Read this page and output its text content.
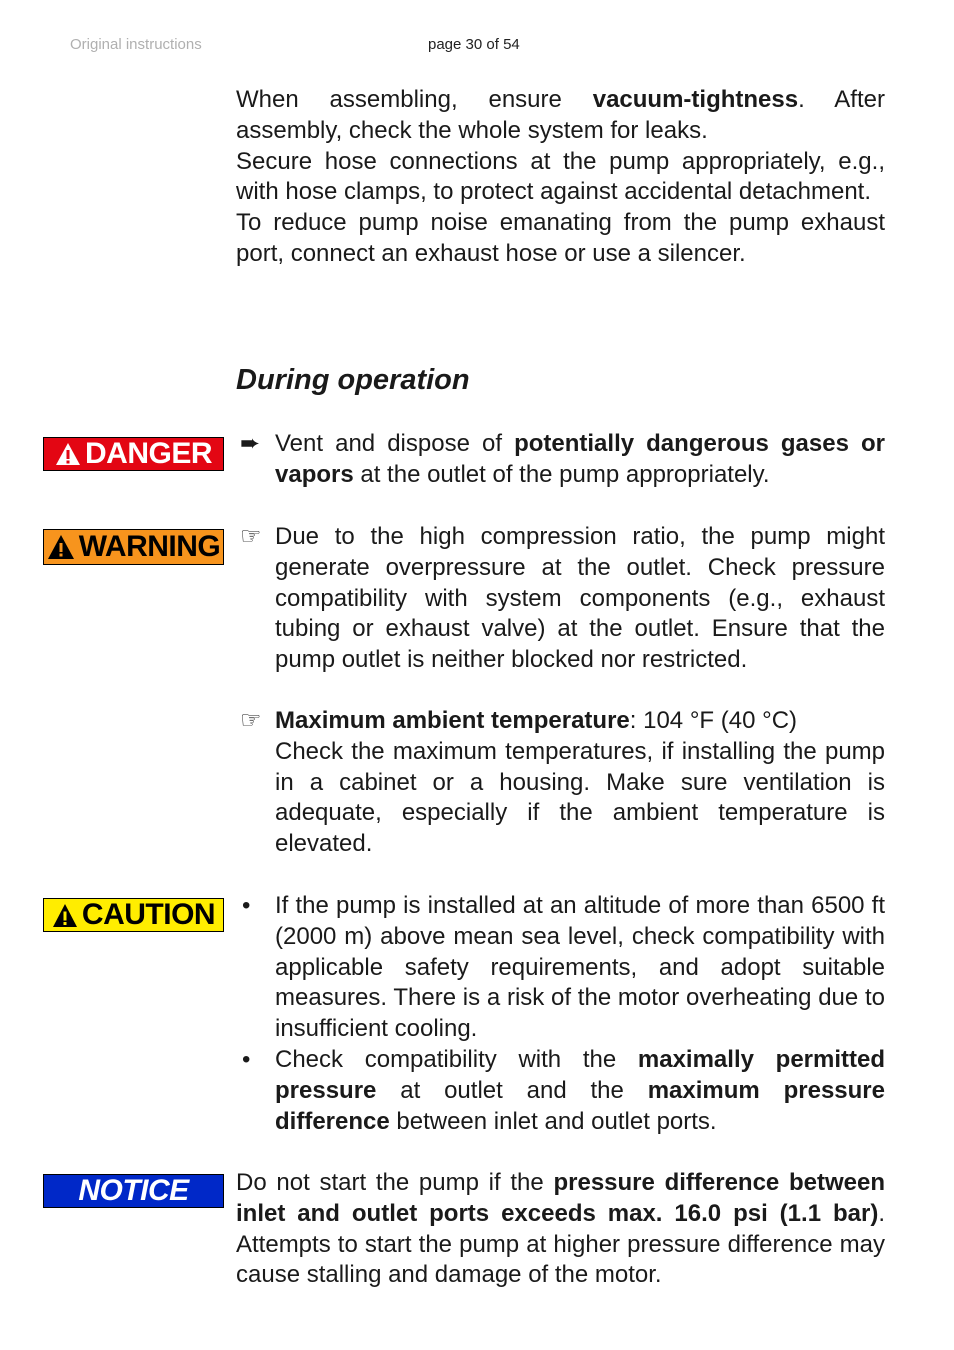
Original instructions	page 30 of 54

When assembling, ensure vacuum-tightness. After assembly, check the whole system for leaks.

Secure hose connections at the pump appropriately, e.g., with hose clamps, to protect against accidental detachment.

To reduce pump noise emanating from the pump exhaust port, connect an exhaust hose or use a silencer.

During operation
DANGER ➨ Vent and dispose of potentially dangerous gases or vapors at the outlet of the pump appropriately.
WARNING ☞ Due to the high compression ratio, the pump might generate overpressure at the outlet. Check pressure compatibility with system components (e.g., exhaust tubing or exhaust valve) at the outlet. Ensure that the pump outlet is neither blocked nor restricted.
☞ Maximum ambient temperature: 104 °F (40 °C)
Check the maximum temperatures, if installing the pump in a cabinet or a housing. Make sure ventilation is adequate, especially if the ambient temperature is elevated.
CAUTION •	If the pump is installed at an altitude of more than 6500 ft (2000 m) above mean sea level, check compatibility with applicable safety requirements, and adopt suitable measures. There is a risk of the motor overheating due to insufficient cooling.
•	Check compatibility with the maximally permitted pressure at outlet and the maximum pressure difference between inlet and outlet ports.
NOTICE Do not start the pump if the pressure difference between inlet and outlet ports exceeds max. 16.0 psi (1.1 bar). Attempts to start the pump at higher pressure difference may cause stalling and damage of the motor.
